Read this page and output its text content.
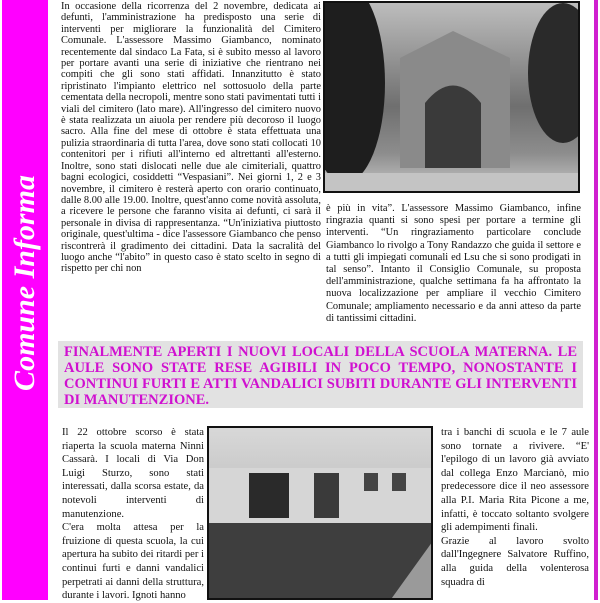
Comune Informa

In occasione della ricorrenza del 2 novembre, dedicata ai defunti, l'amministrazione ha predisposto una serie di interventi per migliorare la funzionalità del Cimitero Comunale. L'assessore Massimo Giambanco, nominato recentemente dal sindaco La Fata, si è subito messo al lavoro per portare avanti una serie di iniziative che rientrano nei compiti che gli sono stati affidati. Innanzitutto è stato ripristinato l'impianto elettrico nel sottosuolo della parte cementata della necropoli, mentre sono stati pavimentati tutti i viali del cimitero (lato mare). All'ingresso del cimitero nuovo è stata realizzata un aiuola per rendere più decoroso il luogo sacro. Alla fine del mese di ottobre è stata effettuata una pulizia straordinaria di tutta l'area, dove sono stati collocati 10 contenitori per i rifiuti all'interno ed altrettanti all'esterno. Inoltre, sono stati dislocati nelle due ale cimiteriali, quattro bagni ecologici, cosiddetti “Vespasiani”. Nei giorni 1, 2 e 3 novembre, il cimitero è resterà aperto con orario continuato, dalle 8.00 alle 19.00. Inoltre, quest'anno come novità assoluta, a ricevere le persone che faranno visita ai defunti, ci sarà il personale in divisa di rappresentanza. “Un'iniziativa piuttosto originale, quest'ultima - dice l'assessore Giambanco che penso riscontrerà il gradimento dei cittadini. Data la sacralità del luogo anche “l'abito” in questo caso è stato scelto in segno di rispetto per chi non

è più in vita”. L'assessore Massimo Giambanco, infine ringrazia quanti si sono spesi per portare a termine gli interventi. “Un ringraziamento particolare conclude Giambanco lo rivolgo a Tony Randazzo che guida il settore e a tutti gli impiegati comunali ed Lsu che si sono prodigati in tal senso”. Intanto il Consiglio Comunale, su proposta dell'amministrazione, qualche settimana fa ha affrontato la nuova localizzazione per ampliare il vecchio Cimitero Comunale; ampliamento necessario e da anni atteso da parte di tantissimi cittadini.

FINALMENTE APERTI I NUOVI LOCALI DELLA SCUOLA MATERNA. LE AULE SONO STATE RESE AGIBILI IN POCO TEMPO, NONOSTANTE I CONTINUI FURTI E ATTI VANDALICI SUBITI DURANTE GLI INTERVENTI DI MANUTENZIONE.

Il 22 ottobre scorso è stata riaperta la scuola materna Ninni Cassarà. I locali di Via Don Luigi Sturzo, sono stati interessati, dalla scorsa estate, da notevoli interventi di manutenzione.

C'era molta attesa per la fruizione di questa scuola, la cui apertura ha subito dei ritardi per i continui furti e danni vandalici perpetrati ai danni della struttura, durante i lavori. Ignoti hanno

tra i banchi di scuola e le 7 aule sono tornate a rivivere. “E' l'epilogo di un lavoro già avviato dal collega Enzo Marcianò, mio predecessore dice il neo assessore alla P.I. Maria Rita Picone a me, infatti, è toccato soltanto svolgere gli adempimenti finali.

Grazie al lavoro svolto dall'Ingegnere Salvatore Ruffino, alla guida della volenterosa squadra di
